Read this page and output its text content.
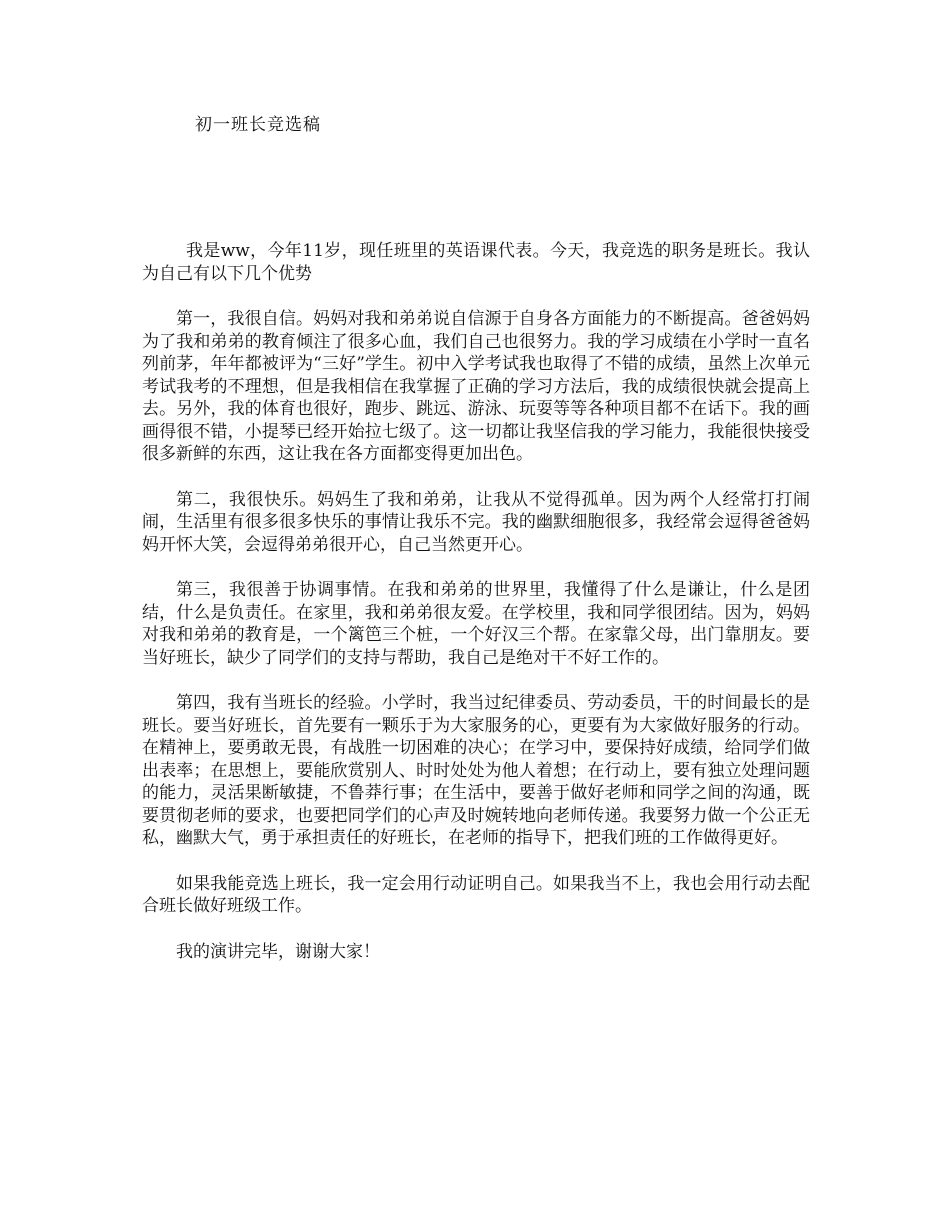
初一班长竞选稿

我是ww，今年11岁，现任班里的英语课代表。今天，我竞选的职务是班长。我认为自己有以下几个优势

第一，我很自信。妈妈对我和弟弟说自信源于自身各方面能力的不断提高。爸爸妈妈为了我和弟弟的教育倾注了很多心血，我们自己也很努力。我的学习成绩在小学时一直名列前茅，年年都被评为“三好”学生。初中入学考试我也取得了不错的成绩，虽然上次单元考试我考的不理想，但是我相信在我掌握了正确的学习方法后，我的成绩很快就会提高上去。另外，我的体育也很好，跑步、跳远、游泳、玩耍等等各种项目都不在话下。我的画画得很不错，小提琴已经开始拉七级了。这一切都让我坚信我的学习能力，我能很快接受很多新鲜的东西，这让我在各方面都变得更加出色。

第二，我很快乐。妈妈生了我和弟弟，让我从不觉得孤单。因为两个人经常打打闹闹，生活里有很多很多快乐的事情让我乐不完。我的幽默细胞很多，我经常会逗得爸爸妈妈开怀大笑，会逗得弟弟很开心，自己当然更开心。

第三，我很善于协调事情。在我和弟弟的世界里，我懂得了什么是谦让，什么是团结，什么是负责任。在家里，我和弟弟很友爱。在学校里，我和同学很团结。因为，妈妈对我和弟弟的教育是，一个篱笆三个桩，一个好汉三个帮。在家靠父母，出门靠朋友。要当好班长，缺少了同学们的支持与帮助，我自己是绝对干不好工作的。

第四，我有当班长的经验。小学时，我当过纪律委员、劳动委员，干的时间最长的是班长。要当好班长，首先要有一颗乐于为大家服务的心，更要有为大家做好服务的行动。在精神上，要勇敢无畏，有战胜一切困难的决心；在学习中，要保持好成绩，给同学们做出表率；在思想上，要能欣赏别人、时时处处为他人着想；在行动上，要有独立处理问题的能力，灵活果断敏捷，不鲁莽行事；在生活中，要善于做好老师和同学之间的沟通，既要贯彻老师的要求，也要把同学们的心声及时婉转地向老师传递。我要努力做一个公正无私，幽默大气，勇于承担责任的好班长，在老师的指导下，把我们班的工作做得更好。

如果我能竞选上班长，我一定会用行动证明自己。如果我当不上，我也会用行动去配合班长做好班级工作。

我的演讲完毕，谢谢大家！
